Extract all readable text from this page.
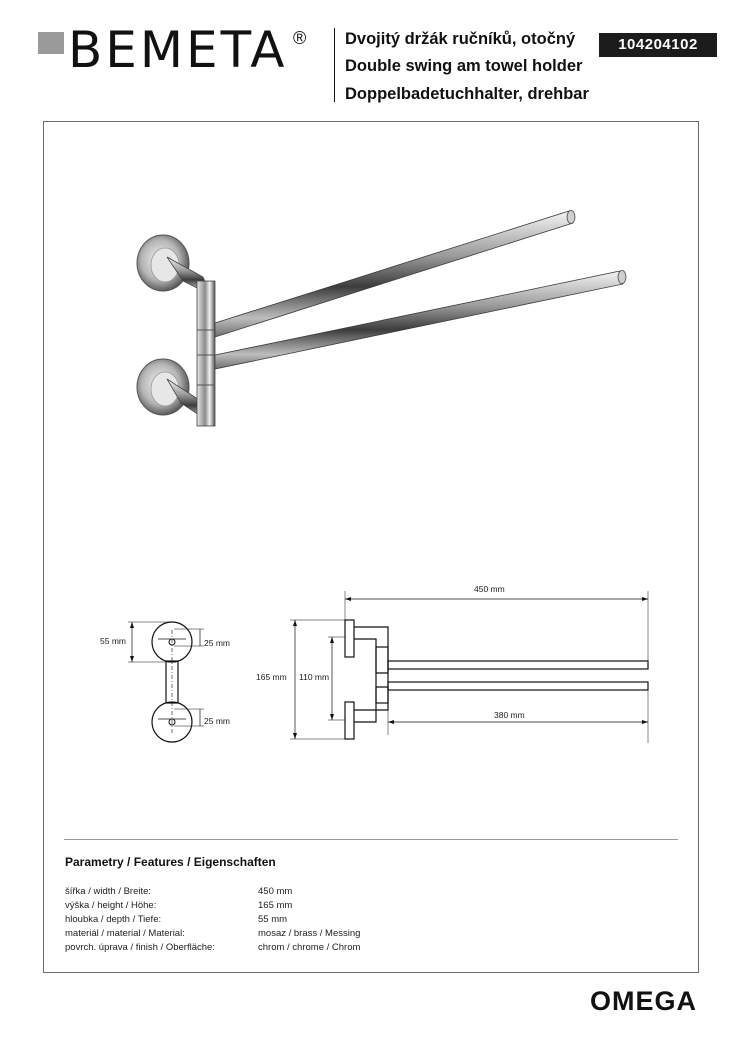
BEMETA ® Dvojitý držák ručníků, otočný
Double swing am towel holder
Doppelbadetuchhalter, drehbar
104204102
450 mm
380 mm
165 mm 110 mm
55 mm	25 mm
25 mm
Parametry / Features / Eigenschaften
šířka / width / Breite:	450 mm
výška / height / Höhe:	165 mm
hloubka / depth / Tiefe:	55 mm
materiál / material / Material:	mosaz / brass / Messing
povrch. úprava / finish / Oberfläche:	chrom / chrome / Chrom
OMEGA
